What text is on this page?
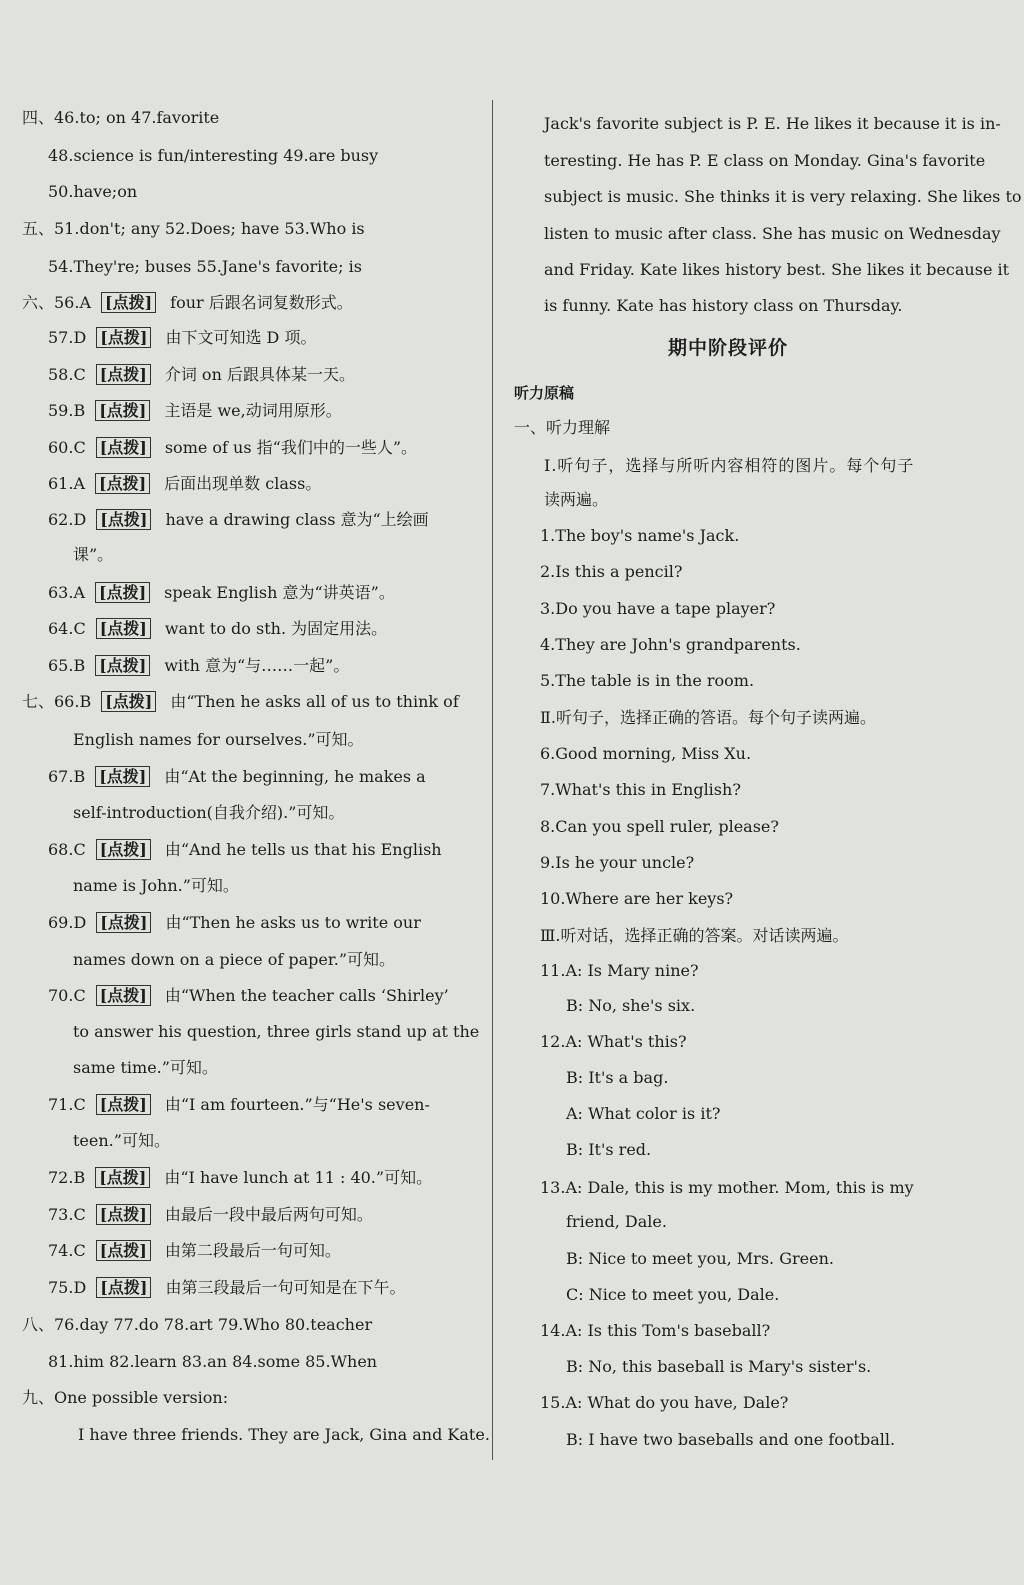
四、46.to; on 47.favorite
48.science is fun/interesting 49.are busy
50.have;on
五、51.don't; any 52.Does; have 53.Who is
54.They're; buses 55.Jane's favorite; is
六、56.A [点拨] four 后跟名词复数形式。
57.D [点拨] 由下文可知选 D 项。
58.C [点拨] 介词 on 后跟具体某一天。
59.B [点拨] 主语是 we,动词用原形。
60.C [点拨] some of us 指“我们中的一些人”。
61.A [点拨] 后面出现单数 class。
62.D [点拨] have a drawing class 意为“上绘画
课”。
63.A [点拨] speak English 意为“讲英语”。
64.C [点拨] want to do sth. 为固定用法。
65.B [点拨] with 意为“与……一起”。
七、66.B [点拨] 由“Then he asks all of us to think of
English names for ourselves.”可知。
67.B [点拨] 由“At the beginning, he makes a
self-introduction(自我介绍).”可知。
68.C [点拨] 由“And he tells us that his English
name is John.”可知。
69.D [点拨] 由“Then he asks us to write our
names down on a piece of paper.”可知。
70.C [点拨] 由“When the teacher calls ‘Shirley’
to answer his question, three girls stand up at the
same time.”可知。
71.C [点拨] 由“I am fourteen.”与“He's seven-
teen.”可知。
72.B [点拨] 由“I have lunch at 11 : 40.”可知。
73.C [点拨] 由最后一段中最后两句可知。
74.C [点拨] 由第二段最后一句可知。
75.D [点拨] 由第三段最后一句可知是在下午。
八、76.day 77.do 78.art 79.Who 80.teacher
81.him 82.learn 83.an 84.some 85.When
九、One possible version:
I have three friends. They are Jack, Gina and Kate.
Jack's favorite subject is P. E. He likes it because it is in-
teresting. He has P. E class on Monday. Gina's favorite
subject is music. She thinks it is very relaxing. She likes to
listen to music after class. She has music on Wednesday
and Friday. Kate likes history best. She likes it because it
is funny. Kate has history class on Thursday.
期中阶段评价
听力原稿
一、听力理解
Ⅰ.听句子，选择与所听内容相符的图片。每个句子
读两遍。
1.The boy's name's Jack.
2.Is this a pencil?
3.Do you have a tape player?
4.They are John's grandparents.
5.The table is in the room.
Ⅱ.听句子，选择正确的答语。每个句子读两遍。
6.Good morning, Miss Xu.
7.What's this in English?
8.Can you spell ruler, please?
9.Is he your uncle?
10.Where are her keys?
Ⅲ.听对话，选择正确的答案。对话读两遍。
11.A: Is Mary nine?
B: No, she's six.
12.A: What's this?
B: It's a bag.
A: What color is it?
B: It's red.
13.A: Dale, this is my mother. Mom, this is my
friend, Dale.
B: Nice to meet you, Mrs. Green.
C: Nice to meet you, Dale.
14.A: Is this Tom's baseball?
B: No, this baseball is Mary's sister's.
15.A: What do you have, Dale?
B: I have two baseballs and one football.
